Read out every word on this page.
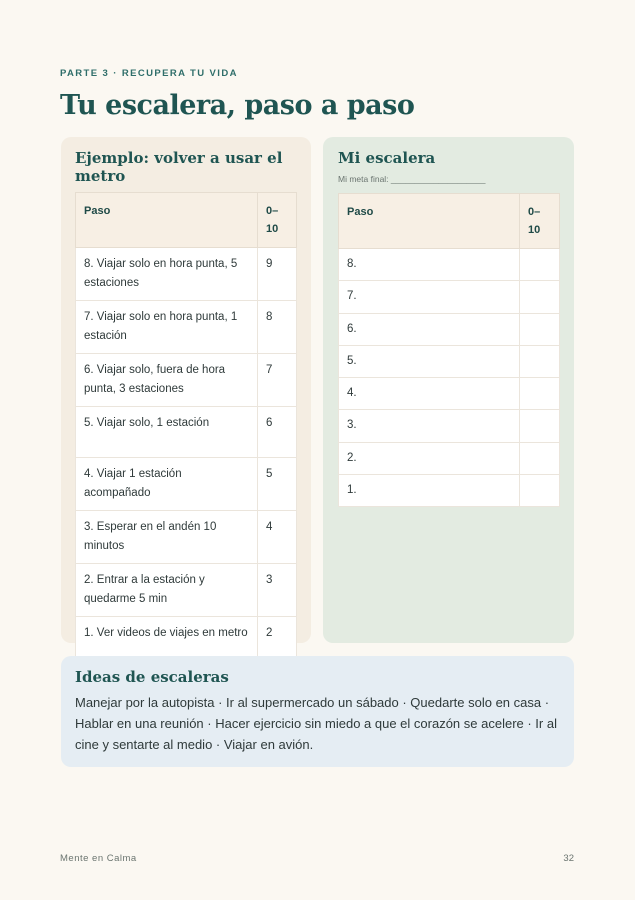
PARTE 3 · RECUPERA TU VIDA
Tu escalera, paso a paso
Ejemplo: volver a usar el metro
Paso	0–10
8. Viajar solo en hora punta, 5 estaciones	9
7. Viajar solo en hora punta, 1 estación	8
6. Viajar solo, fuera de hora punta, 3 estaciones	7
5. Viajar solo, 1 estación	6
4. Viajar 1 estación acompañado	5
3. Esperar en el andén 10 minutos	4
2. Entrar a la estación y quedarme 5 min	3
1. Ver videos de viajes en metro	2
Mi escalera
Mi meta final: ____________________
Paso	0–10
8.	
7.	
6.	
5.	
4.	
3.	
2.	
1.	
Ideas de escaleras

Manejar por la autopista · Ir al supermercado un sábado · Quedarte solo en casa · Hablar en una reunión · Hacer ejercicio sin miedo a que el corazón se acelere · Ir al cine y sentarte al medio · Viajar en avión.

Mente en Calma	32
